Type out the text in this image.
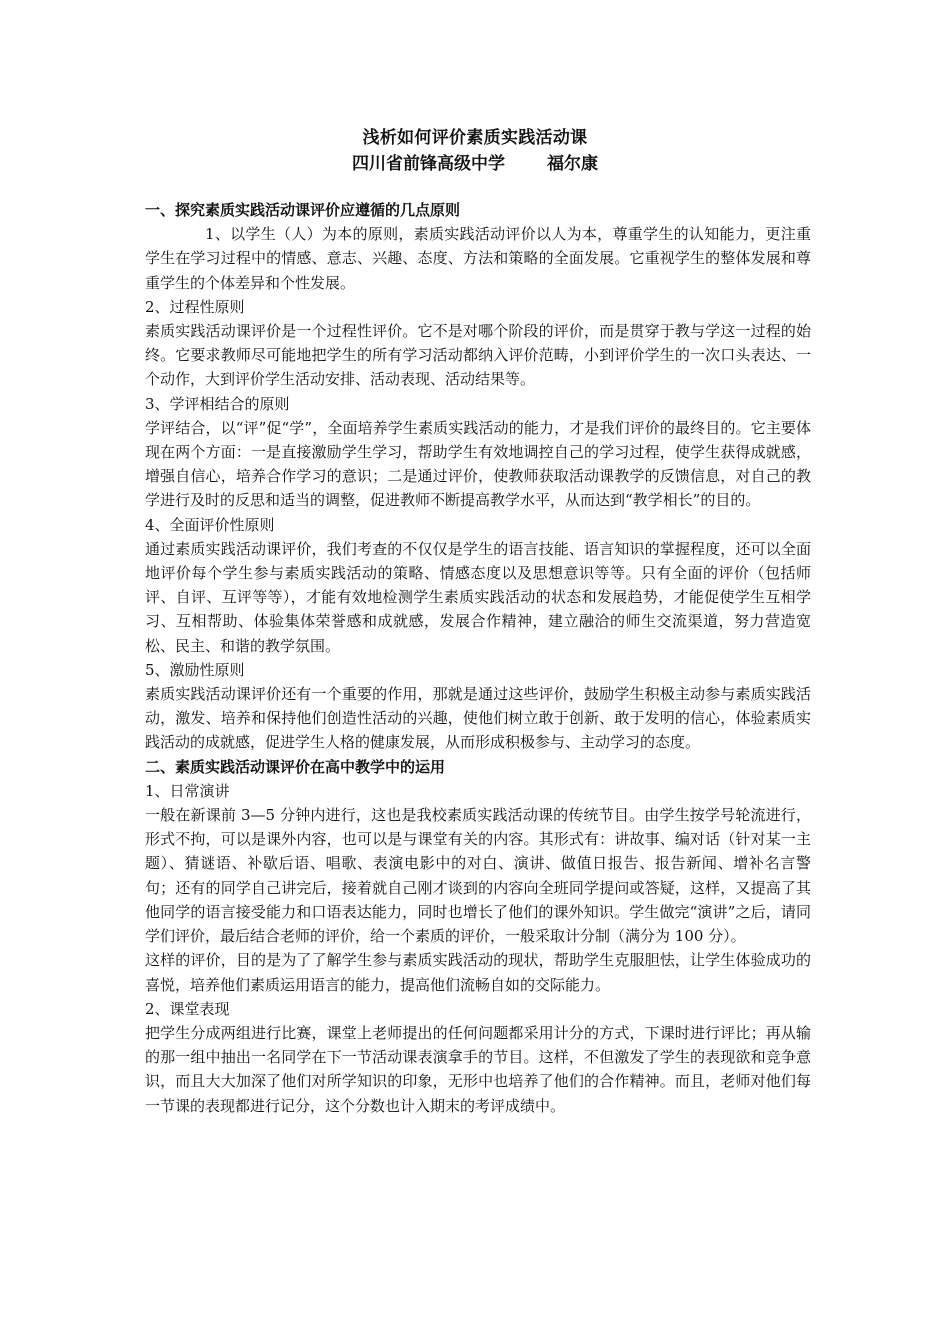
浅析如何评价素质实践活动课
四川省前锋高级中学 福尔康

一、探究素质实践活动课评价应遵循的几点原则

1、以学生（人）为本的原则，素质实践活动评价以人为本，尊重学生的认知能力，更注重学生在学习过程中的情感、意志、兴趣、态度、方法和策略的全面发展。它重视学生的整体发展和尊重学生的个体差异和个性发展。

2、过程性原则

素质实践活动课评价是一个过程性评价。它不是对哪个阶段的评价，而是贯穿于教与学这一过程的始终。它要求教师尽可能地把学生的所有学习活动都纳入评价范畴，小到评价学生的一次口头表达、一个动作，大到评价学生活动安排、活动表现、活动结果等。

3、学评相结合的原则

学评结合，以“评”促“学”，全面培养学生素质实践活动的能力，才是我们评价的最终目的。它主要体现在两个方面：一是直接激励学生学习，帮助学生有效地调控自己的学习过程，使学生获得成就感，增强自信心，培养合作学习的意识；二是通过评价，使教师获取活动课教学的反馈信息，对自己的教学进行及时的反思和适当的调整，促进教师不断提高教学水平，从而达到“教学相长”的目的。

4、全面评价性原则

通过素质实践活动课评价，我们考查的不仅仅是学生的语言技能、语言知识的掌握程度，还可以全面地评价每个学生参与素质实践活动的策略、情感态度以及思想意识等等。只有全面的评价（包括师评、自评、互评等等），才能有效地检测学生素质实践活动的状态和发展趋势，才能促使学生互相学习、互相帮助、体验集体荣誉感和成就感，发展合作精神，建立融洽的师生交流渠道，努力营造宽松、民主、和谐的教学氛围。

5、激励性原则

素质实践活动课评价还有一个重要的作用，那就是通过这些评价，鼓励学生积极主动参与素质实践活动，激发、培养和保持他们创造性活动的兴趣，使他们树立敢于创新、敢于发明的信心，体验素质实践活动的成就感，促进学生人格的健康发展，从而形成积极参与、主动学习的态度。

二、素质实践活动课评价在高中教学中的运用

1、日常演讲

一般在新课前 3—5 分钟内进行，这也是我校素质实践活动课的传统节目。由学生按学号轮流进行，形式不拘，可以是课外内容，也可以是与课堂有关的内容。其形式有：讲故事、编对话（针对某一主题）、猜谜语、补歇后语、唱歌、表演电影中的对白、演讲、做值日报告、报告新闻、增补名言警句；还有的同学自己讲完后，接着就自己刚才谈到的内容向全班同学提问或答疑，这样，又提高了其他同学的语言接受能力和口语表达能力，同时也增长了他们的课外知识。学生做完“演讲”之后，请同学们评价，最后结合老师的评价，给一个素质的评价，一般采取计分制（满分为 100 分）。

这样的评价，目的是为了了解学生参与素质实践活动的现状，帮助学生克服胆怯，让学生体验成功的喜悦，培养他们素质运用语言的能力，提高他们流畅自如的交际能力。

2、课堂表现

把学生分成两组进行比赛，课堂上老师提出的任何问题都采用计分的方式，下课时进行评比；再从输的那一组中抽出一名同学在下一节活动课表演拿手的节目。这样，不但激发了学生的表现欲和竞争意识，而且大大加深了他们对所学知识的印象，无形中也培养了他们的合作精神。而且，老师对他们每一节课的表现都进行记分，这个分数也计入期末的考评成绩中。
